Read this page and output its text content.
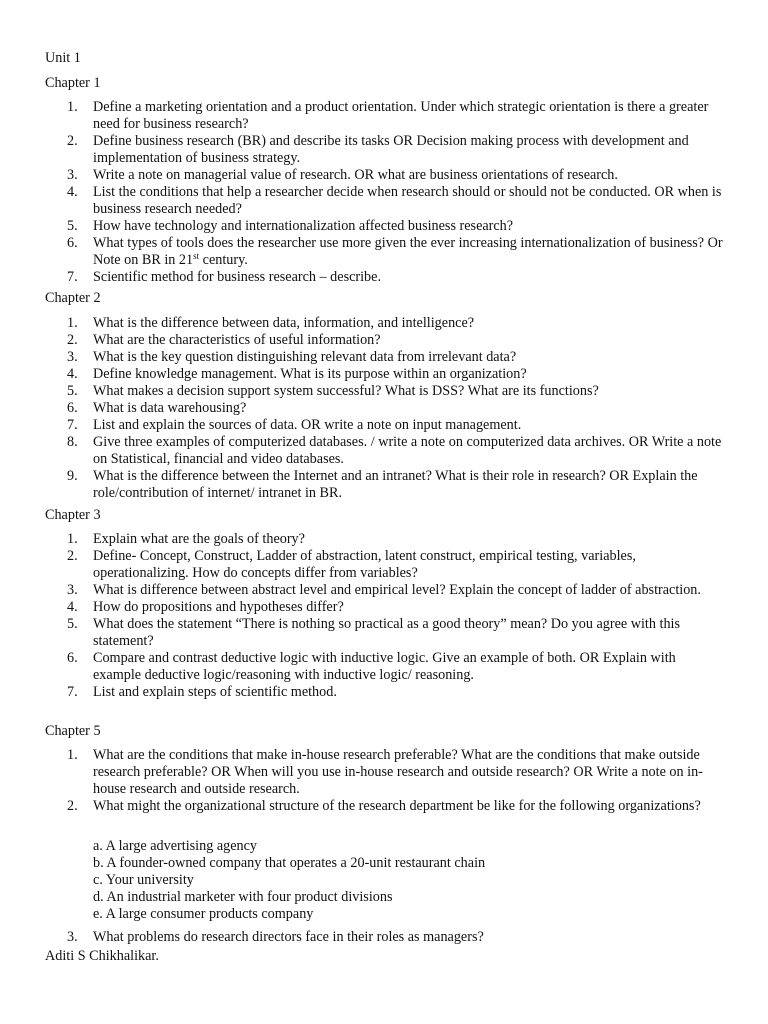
Unit 1
Chapter 1
1. Define a marketing orientation and a product orientation. Under which strategic orientation is there a greater need for business research?
2. Define business research (BR) and describe its tasks OR Decision making process with development and implementation of business strategy.
3. Write a note on managerial value of research. OR what are business orientations of research.
4. List the conditions that help a researcher decide when research should or should not be conducted. OR when is business research needed?
5. How have technology and internationalization affected business research?
6. What types of tools does the researcher use more given the ever increasing internationalization of business? Or Note on BR in 21st century.
7. Scientific method for business research – describe.
Chapter 2
1. What is the difference between data, information, and intelligence?
2. What are the characteristics of useful information?
3. What is the key question distinguishing relevant data from irrelevant data?
4. Define knowledge management. What is its purpose within an organization?
5. What makes a decision support system successful? What is DSS? What are its functions?
6. What is data warehousing?
7. List and explain the sources of data. OR write a note on input management.
8. Give three examples of computerized databases. / write a note on computerized data archives. OR Write a note on Statistical, financial and video databases.
9. What is the difference between the Internet and an intranet? What is their role in research? OR Explain the role/contribution of internet/ intranet in BR.
Chapter 3
1. Explain what are the goals of theory?
2. Define- Concept, Construct, Ladder of abstraction, latent construct, empirical testing, variables, operationalizing. How do concepts differ from variables?
3. What is difference between abstract level and empirical level? Explain the concept of ladder of abstraction.
4. How do propositions and hypotheses differ?
5. What does the statement “There is nothing so practical as a good theory” mean? Do you agree with this statement?
6. Compare and contrast deductive logic with inductive logic. Give an example of both. OR Explain with example deductive logic/reasoning with inductive logic/ reasoning.
7. List and explain steps of scientific method.
Chapter 5
1. What are the conditions that make in-house research preferable? What are the conditions that make outside research preferable? OR When will you use in-house research and outside research? OR Write a note on in-house research and outside research.
2. What might the organizational structure of the research department be like for the following organizations?
a. A large advertising agency
b. A founder-owned company that operates a 20-unit restaurant chain
c. Your university
d. An industrial marketer with four product divisions
e. A large consumer products company
3. What problems do research directors face in their roles as managers?
Aditi S Chikhalikar.
